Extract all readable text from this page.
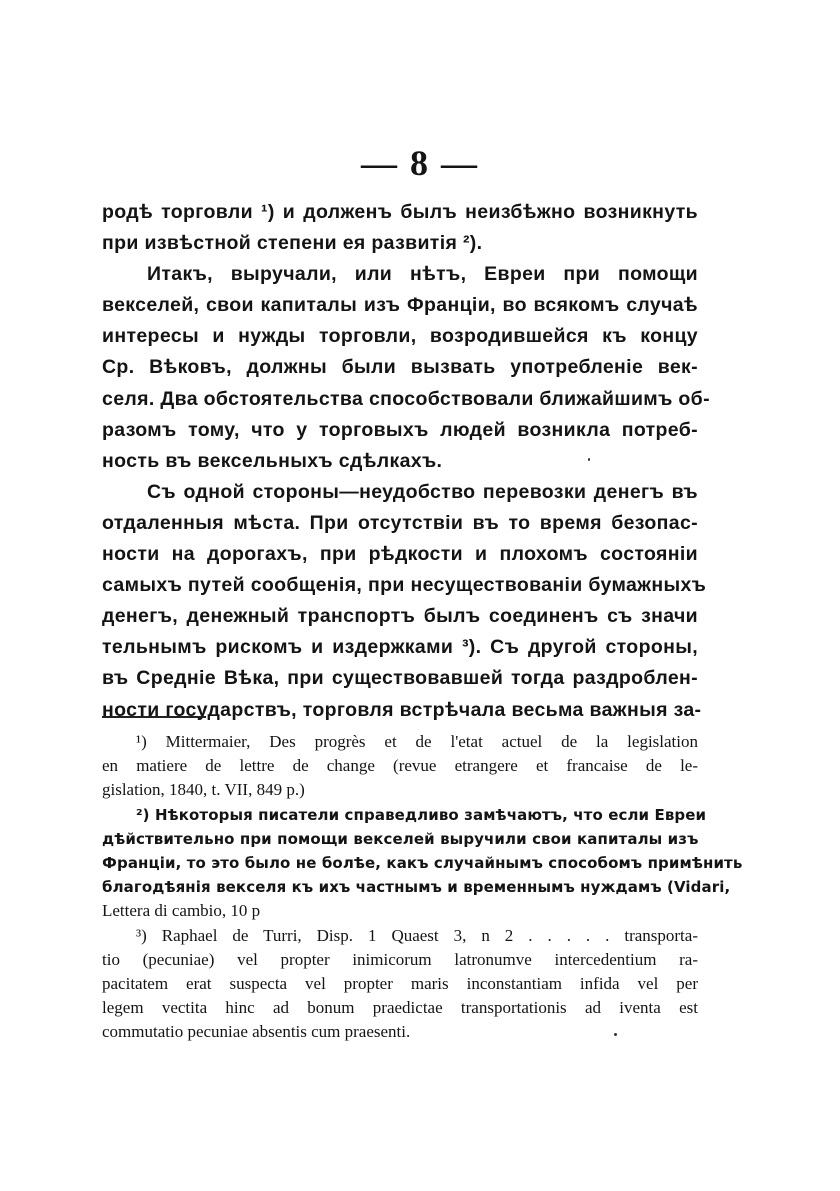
— 8 —
родѣ торговли ¹) и долженъ былъ неизбѣжно возникнуть
при извѣстной степени ея развитія ²).
Итакъ, выручали, или нѣтъ, Евреи при помощи
векселей, свои капиталы изъ Франціи, во всякомъ случаѣ
интересы и нужды торговли, возродившейся къ концу
Ср. Вѣковъ, должны были вызвать употребленіе век-
селя. Два обстоятельства способствовали ближайшимъ об-
разомъ тому, что у торговыхъ людей возникла потреб-
ность въ вексельныхъ сдѣлкахъ.
Съ одной стороны—неудобство перевозки денегъ въ
отдаленныя мѣста. При отсутствіи въ то время безопас-
ности на дорогахъ, при рѣдкости и плохомъ состояніи
самыхъ путей сообщенія, при несуществованіи бумажныхъ
денегъ, денежный транспортъ былъ соединенъ съ значи
тельнымъ рискомъ и издержками ³). Съ другой стороны,
въ Средніе Вѣка, при существовавшей тогда раздроблен-
ности государствъ, торговля встрѣчала весьма важныя за-
¹) Mittermaier, Des progrès et de l'etat actuel de la legislation
en matiere de lettre de change (revue etrangere et francaise de le-
gislation, 1840, t. VII, 849 p.)
²) Нѣкоторыя писатели справедливо замѣчаютъ, что если Евреи
дѣйствительно при помощи векселей выручили свои капиталы изъ
Франціи, то это было не болѣе, какъ случайнымъ способомъ примѣнить
благодѣянія векселя къ ихъ частнымъ и временнымъ нуждамъ (Vidari,
Lettera di cambio, 10 p
³) Raphael de Turri, Disp. 1 Quaest 3, n 2 . . . . . transporta-
tio (pecuniae) vel propter inimicorum latronumve intercedentium ra-
pacitatem erat suspecta vel propter maris inconstantiam infida vel per
legem vectita hinc ad bonum praedictae transportationis ad iventa est
commutatio pecuniae absentis cum praesenti.
